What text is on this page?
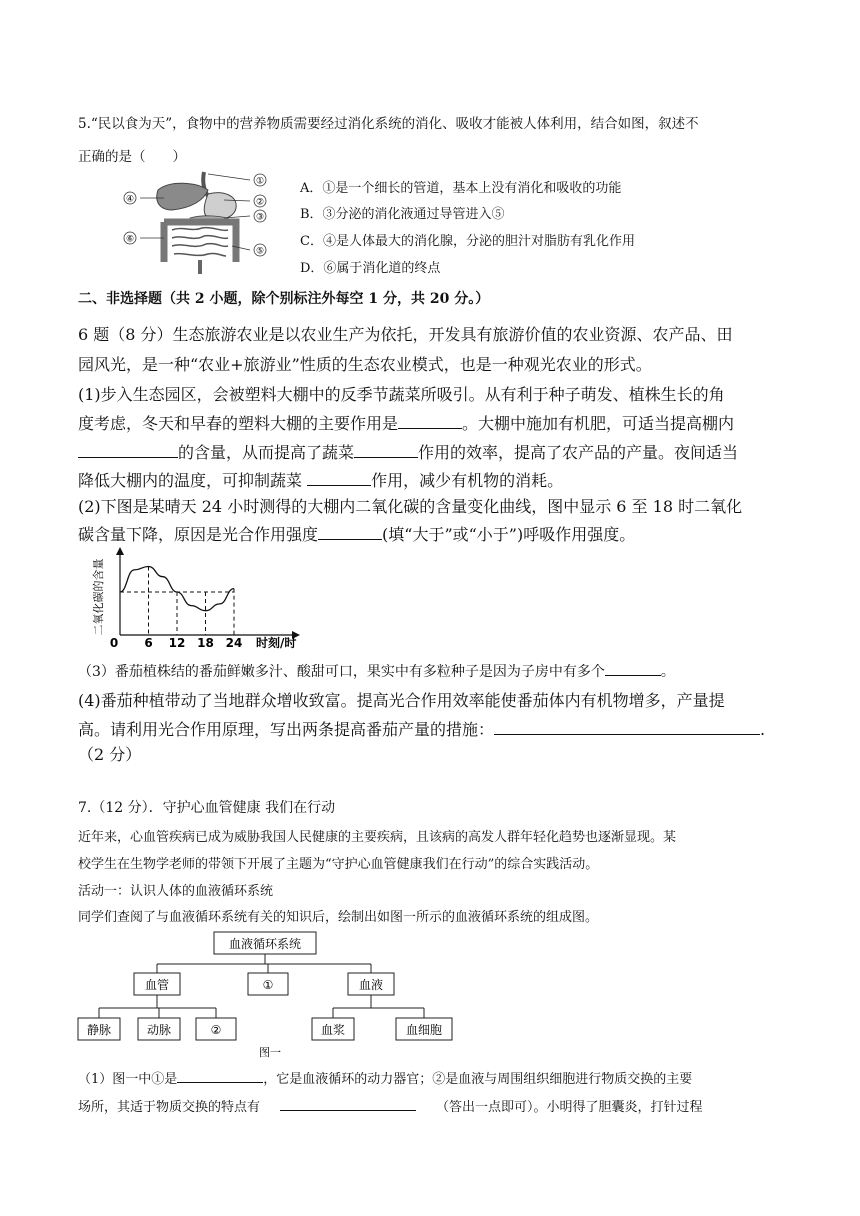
5.“民以食为天”，食物中的营养物质需要经过消化系统的消化、吸收才能被人体利用，结合如图，叙述不
正确的是（　　）
①
②
③
④
⑤
⑥
A．①是一个细长的管道，基本上没有消化和吸收的功能
B．③分泌的消化液通过导管进入⑤
C．④是人体最大的消化腺，分泌的胆汁对脂肪有乳化作用
D．⑥属于消化道的终点
二、非选择题（共 2 小题，除个别标注外每空 1 分，共 20 分。）
6 题（8 分）生态旅游农业是以农业生产为依托，开发具有旅游价值的农业资源、农产品、田
园风光，是一种“农业+旅游业”性质的生态农业模式，也是一种观光农业的形式。
(1)步入生态园区，会被塑料大棚中的反季节蔬菜所吸引。从有利于种子萌发、植株生长的角
度考虑，冬天和早春的塑料大棚的主要作用是	。大棚中施加有机肥，可适当提高棚内
的含量，从而提高了蔬菜	作用的效率，提高了农产品的产量。夜间适当
降低大棚内的温度，可抑制蔬菜	作用，减少有机物的消耗。
(2)下图是某晴天 24 小时测得的大棚内二氧化碳的含量变化曲线，图中显示 6 至 18 时二氧化
碳含量下降，原因是光合作用强度	(填“大于”或“小于”)呼吸作用强度。
二氧化碳的含量
0 6 12 18 24 时刻/时
（3）番茄植株结的番茄鲜嫩多汁、酸甜可口，果实中有多粒种子是因为子房中有多个	。
(4)番茄种植带动了当地群众增收致富。提高光合作用效率能使番茄体内有机物增多，产量提
高。请利用光合作用原理，写出两条提高番茄产量的措施：	.
（2 分）
7.（12 分）．守护心血管健康 我们在行动
近年来，心血管疾病已成为威胁我国人民健康的主要疾病，且该病的高发人群年轻化趋势也逐渐显现。某
校学生在生物学老师的带领下开展了主题为“守护心血管健康我们在行动”的综合实践活动。
活动一：认识人体的血液循环系统
同学们查阅了与血液循环系统有关的知识后，绘制出如图一所示的血液循环系统的组成图。
血液循环系统
血管	①	血液
静脉	动脉	②	血浆	血细胞
图一
（1）图一中①是	，它是血液循环的动力器官；②是血液与周围组织细胞进行物质交换的主要
场所，其适于物质交换的特点有	（答出一点即可）。小明得了胆囊炎，打针过程
